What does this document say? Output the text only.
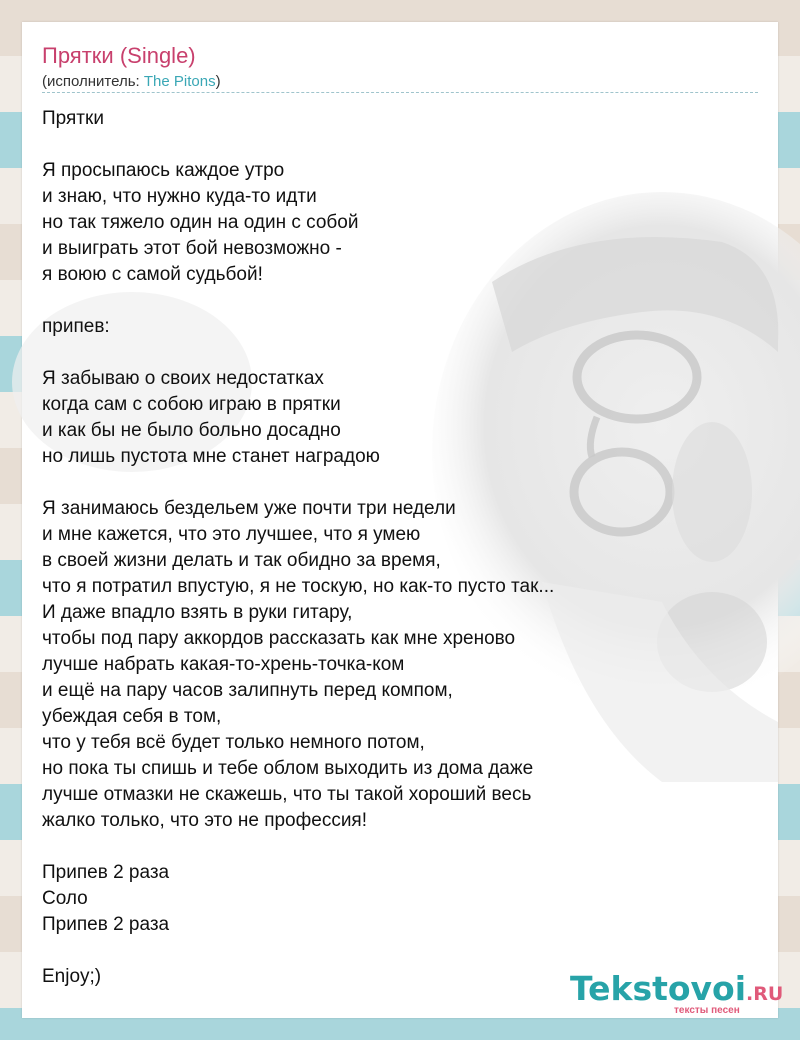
Прятки (Single)
(исполнитель: The Pitons)
Прятки
Я просыпаюсь каждое утро
и знаю, что нужно куда-то идти
но так тяжело один на один с собой
и выиграть этот бой невозможно -
я воюю с самой судьбой!
припев:
Я забываю о своих недостатках
когда сам с собою играю в прятки
и как бы не было больно досадно
но лишь пустота мне станет наградою
Я занимаюсь бездельем уже почти три недели
и мне кажется, что это лучшее, что я умею
в своей жизни делать и так обидно за время,
что я потратил впустую, я не тоскую, но как-то пусто так...
И даже впадло взять в руки гитару,
чтобы под пару аккордов рассказать как мне хреново
лучше набрать какая-то-хрень-точка-ком
и ещё на пару часов залипнуть перед компом,
убеждая себя в том,
что у тебя всё будет только немного потом,
но пока ты спишь и тебе облом выходить из дома даже
лучше отмазки не скажешь, что ты такой хороший весь
жалко только, что это не профессия!
Припев 2 раза
Соло
Припев 2 раза
Enjoy;)	Tekstovoi.RU
тексты песен
